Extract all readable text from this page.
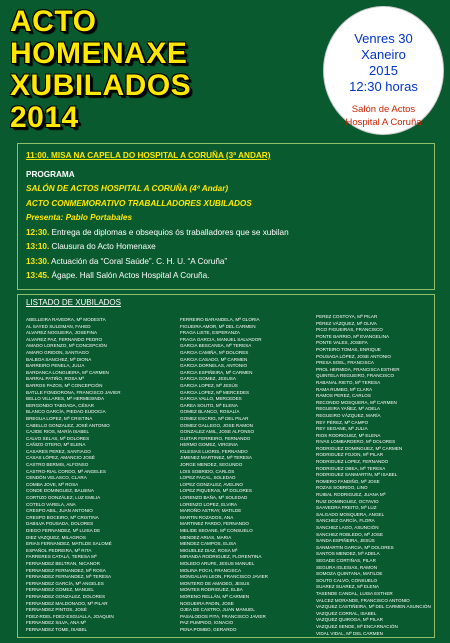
ACTO
HOMENAXE
XUBILADOS
2014
Venres 30
Xaneiro
2015
12:30 horas
Salón de Actos
Hospital A Coruña
11:00. MISA NA CAPELA DO HOSPITAL A CORUÑA (3ª ANDAR)
PROGRAMA
SALÓN DE ACTOS HOSPITAL A CORUÑA (4ª Andar)
ACTO CONMEMORATIVO TRABALLADORES XUBILADOS
Presenta: Pablo Portabales
12:30. Entrega de diplomas e obsequios ós traballadores que se xubilan
13:10. Clausura do Acto Homenaxe
13:30. Actuación da “Coral Saúde”. C. H. U. “A Coruña”
13:45. Ágape. Hall Salón Actos Hospital A Coruña.
LISTADO DE XUBILADOS
ABELLEIRA RAVEDRA, Mª MODESTA
AL SAYED SULEIMAN, FAHED
ALVAREZ NOGUEIRA, JOSEFINA
ALVAREZ PAZ, FERNANDO PEDRO
AMADO LORENZO, Mª CONCEPCIÓN
AMARO GRIDON, SANTIAGO
BALBOA SANCHEZ, Mª DIONA
BARREIRO PENELA, JULIA
BARDANCA LONGUEIRA, Mª CARMEN
BARRAL PATIÑO, ROSA Mª
BARROS PAZOS, Mª CONCEPCIÓN
BATLLE FONDORONA, FRANCISCO JAVIER
BELLO VILLARES, Mª HERMESINDA
BERGONDO TABOADA, CÉSAR
BLANCO GARCÍA, PIEDAD EUDOCIA
BREGUA LOPEZ, Mª CRISTINA
CABELLO GONZALEZ, JOSÉ ANTONIO
CAJIDE RIOS, MARÍA ISABEL
CALVO SELAS, Mª DOLORES
CAÑIZO OTERO, Mª ELENA
CASARES PEREZ, SANTIAGO
CASAS LÓPEZ, AMANCIO JOSÉ
CASTRO BERMIS, ALFONSO
CASTRO-RIAL CORDO, Mª ANGELES
CENDÓN VELASCO, CLARA
COMBA JOVE, Mª ROSA
CONDE DOMINGUEZ, BALBINA
CORTIZO GONZÁLEZ, LUZ EMILIA
COTELO VARELA, ANA
CRESPO ABIL, JUAN ANTONIO
CRESPO BOCEIRO, Mª CRISTINA
DABILVA POUSADA, DOLORES
DIEGO FERNANDEZ, Mª LUISA DE
DIEZ VAZQUEZ, MILAGROS
ERIAS FERNANDEZ, MATILDE SALOMÉ
ESPAÑOL PEDREIRA, Mª RITA
FARRERES CATALÁ, TERESA Mª
FERNANDEZ BELTRAN, NICANOR
FERNANDEZ FERNANDEZ, Mª ROSA
FERNANDEZ FERNANDEZ, Mª TERESA
FERNANDEZ GARCÍA, Mª ANGELES
FERNANDEZ GOMEZ, MANUEL
FERNANDEZ GONZALEZ, DOLORES
FERNANDEZ MALDONADO, Mª PILAR
FERNANDEZ PINTOS, JOSÉ
FDEZ-RDEL FDEZ-ESGUALLA, JOAQUIN
FERNANDEZ SILVA, ANA Mª
FERNANDEZ TOME, ISABEL
FERREIRO BARANDELA, Mª GLORIA
FIGUEIRA AMOR, Mª DEL CARMEN
FRAGA LISTE, ESPERANZA
FRAGA GARCIA, MANUEL SALVADOR
GARCIA BESCANSA, Mª TERESA
GARCIA CAMIÑA, Mª DOLORES
GARCIA CASADO, Mª CARMEN
GARCIA DORNELAS, ANTONIO
GARCIA ESPIÑEIRA, Mª CARMEN
GARCIA GOMEZ, JESUSA
GARCIA LOPEZ, Mª JESÚS
GARCIA LOPEZ, Mª MERCEDES
GARCIA VALLO, MERCEDES
GAREA SOUTO, Mª ELENA
GOMEZ BLANCO, ROSALÍA
GOMEZ ESCRIG, Mª DEL PILAR
GOMEZ GALLEGO, JOSE RAMON
GONZALEZ AMIL, JOSE ALFONSO
GUITAR FERREIRO, FERNANDO
HERMO GOMEZ, VIRGINIA
IGLESIAS LUGRIS, FERNANDO
JIMENEZ MARTINEZ, Mª TERESA
JORGE MENDEZ, SEGUNDO
LOIS SOBRIDO, CARLOS
LOPEZ FACAL, SOLEDAD
LOPEZ GONZALEZ, AVELINO
LOPEZ PIQUERAS, Mª DOLORES
LORENZO BAÑA, Mª SOLEDAD
LORENZO LOPEZ, ELVIRA
MAROÑO ASTRAY, MATILDE
MARTIN ROZADOS, ANA
MARTINEZ PARDO, FERNANDO
MELIDE SEOANE, Mª CONSUELO
MENDEZ ARIAS, MARIA
MENDEZ CAMPOS, ELISA
MIGUELEZ DIAZ, ROSA Mª
MIRANDA RODRIGUEZ, FLORENTINA
MOLEDO ARUFE, JESUS MANUEL
MOLINA POCH, FRANCISCA
MONGALIAN LEON, FRANCISCO JAVIER
MONTERO DE AMADEO, JESUS
MONTES RODRIGUEZ, ELBA
MORENO RELLÁN, Mª CARMEN
NOGUEIRA PADIN, JOSE
OJEA DE CASTRO, JUAN MANUEL
PASALODOS PITA, FRANCISCO JAVIER
PAZ PUMPIDO, IGNACIO
PENA POMBO, GERARDO
PEREZ COSTOYA, Mª PILAR
PÉREZ VÁZQUEZ, Mª OLIVA
PICO FIGUEIRAS, FRANCISCO
PONTE BARRIO, Mª EVANGELINA
PONTE VALES, JOSEFA
PORTEIRO TOMAS, ENRIQUE
POUSADA LÓPEZ, JOSE ANTONIO
PRESA SOEL, FRANCISCA
PROL HERMIDA, FRANCISCA ESTHER
QUINTELA REGUEIRO, FRANCISCO
RABANAL RIETO, Mª TERESA
RAMA RUMBO, Mª CLARA
RAMOS PEREZ, CARLOS
RECONDO MOSQUERA, Mª CARMEN
REGUEIRA YAÑEZ, Mª ADELA
REGUEIRO VÁZQUEZ, MARÍA
REY PÉREZ, Mª CAMPO
REY SEOANE, Mª JULIA
RIOS RODRIGUEZ, Mª ELENA
RIVAS LOMBARDERO, Mª DOLORES
RODRIGUEZ DOMINGUEZ, Mª CARMEN
RODRIGUEZ FOJON, Mª PILAR
RODRIGUEZ LOPEZ, FERNANDO
RODRIGUEZ OBEA, Mª TERESA
RODRIGUEZ SANMARTIN, Mª ISABEL
ROMERO FANDIÑO, Mª JOSE
ROZAS SOBRIDO, LINO
RUIBAL RODRIGUEZ, JUANA Mª
RUIZ DOMINGUEZ, OCTAVIO
SAAVEDRA FREITO, Mª LUZ
SALGADO MOSQUERA, ANGEL
SANCHEZ GARCÍA, FLORA
SANCHEZ LAGO, ASUNCIÓN
SANCHEZ ROBLEDO, Mª JOSE
SANDA ESPIÑEIRA, JESÚS
SANMARTIN GARCIA, Mª DOLORES
SANTOS MENDEZ, Mª ADELA
SEGADE CORTIÑAS, PILAR
SEGURA IGLESIAS, RAMON
SOMOZA QUINTANA, MATILDE
SOUTO CALVO, CONSUELO
SUAREZ SUAREZ, Mª ELENA
TASENDE CANDAL, LUISA ESTHER
VALCEZ MORANDE, FRANCISCO ANTONIO
VAZQUEZ CASTIÑEIRA, Mª DEL CARMEN ASUNCIÓN
VAZQUEZ CORRAL, ISABEL
VAZQUEZ QUIROGA, Mª PILAR
VAZQUEZ SENDE, Mª ENCARNACIÓN
VIDAL VIDAL, Mª DEL CARMEN
